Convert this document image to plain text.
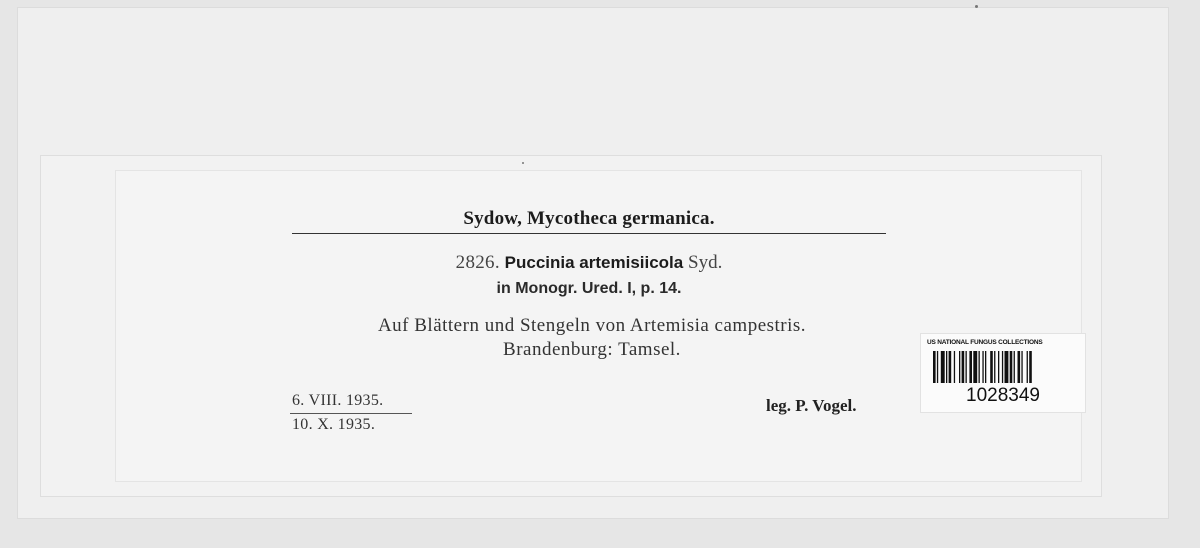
Sydow, Mycotheca germanica.
2826. Puccinia artemisiicola Syd.
in Monogr. Ured. I, p. 14.
Auf Blättern und Stengeln von Artemisia campestris.
Brandenburg: Tamsel.
6. VIII. 1935.
10. X. 1935.
leg. P. Vogel.
US NATIONAL FUNGUS COLLECTIONS
1028349
